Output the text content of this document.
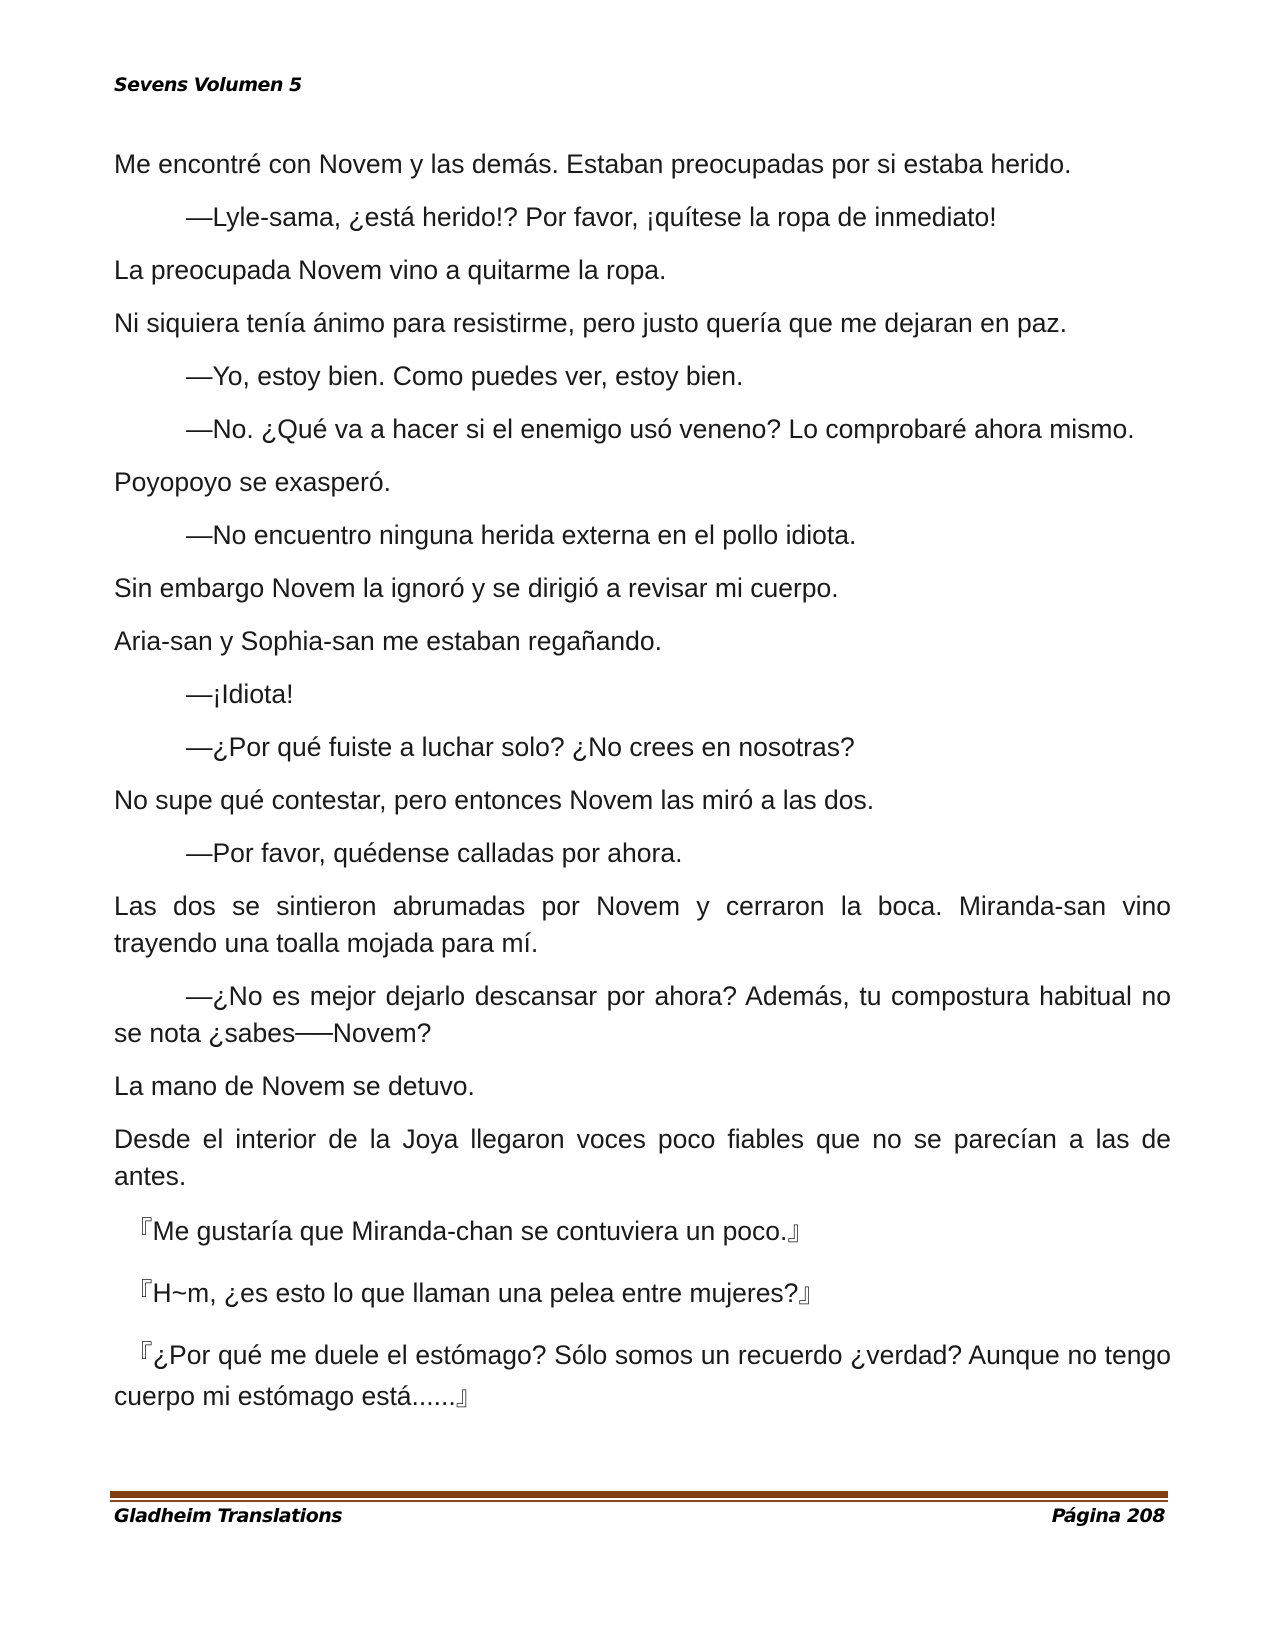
Sevens Volumen 5

Me encontré con Novem y las demás. Estaban preocupadas por si estaba herido.

—Lyle-sama, ¿está herido!? Por favor, ¡quítese la ropa de inmediato!

La preocupada Novem vino a quitarme la ropa.

Ni siquiera tenía ánimo para resistirme, pero justo quería que me dejaran en paz.

—Yo, estoy bien. Como puedes ver, estoy bien.

—No. ¿Qué va a hacer si el enemigo usó veneno? Lo comprobaré ahora mismo.

Poyopoyo se exasperó.

—No encuentro ninguna herida externa en el pollo idiota.

Sin embargo Novem la ignoró y se dirigió a revisar mi cuerpo.

Aria-san y Sophia-san me estaban regañando.

—¡Idiota!

—¿Por qué fuiste a luchar solo? ¿No crees en nosotras?

No supe qué contestar, pero entonces Novem las miró a las dos.

—Por favor, quédense calladas por ahora.

Las dos se sintieron abrumadas por Novem y cerraron la boca. Miranda-san vino trayendo una toalla mojada para mí.

—¿No es mejor dejarlo descansar por ahora? Además, tu compostura habitual no se nota ¿sabes──Novem?

La mano de Novem se detuvo.

Desde el interior de la Joya llegaron voces poco fiables que no se parecían a las de antes.

『Me gustaría que Miranda-chan se contuviera un poco.』

『H~m, ¿es esto lo que llaman una pelea entre mujeres?』

『¿Por qué me duele el estómago? Sólo somos un recuerdo ¿verdad? Aunque no tengo cuerpo mi estómago está......』

Gladheim Translations	Página 208
